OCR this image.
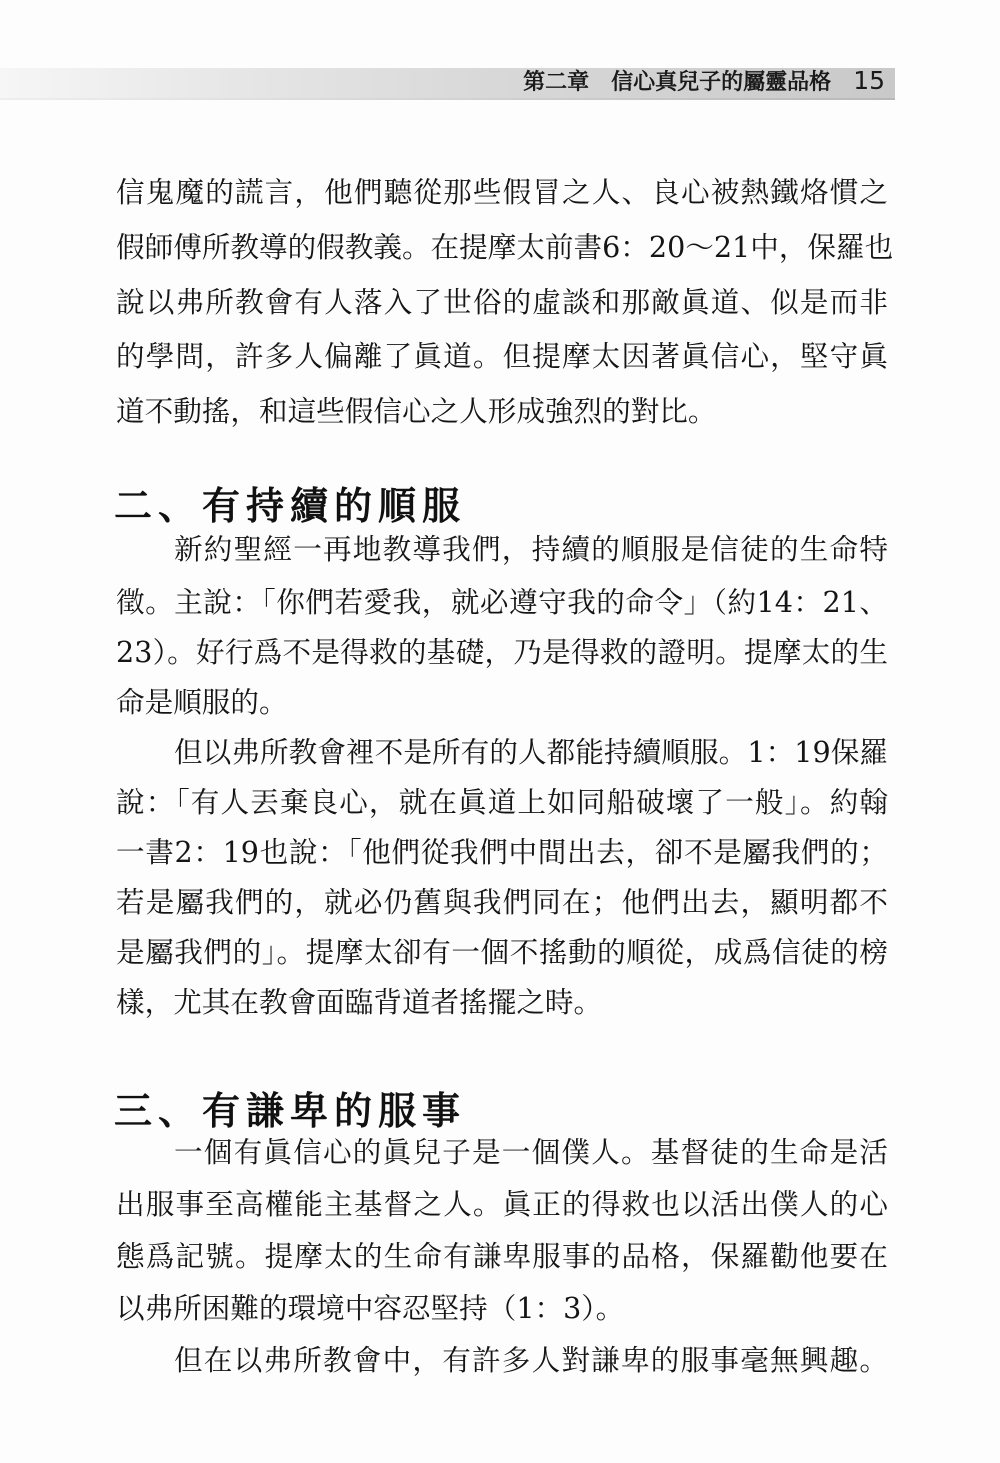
第二章　信心真兒子的屬靈品格 15
信鬼魔的謊言，他們聽從那些假冒之人、良心被熱鐵烙慣之
假師傅所教導的假教義。在提摩太前書6：20～21中，保羅也
說以弗所教會有人落入了世俗的虛談和那敵眞道、似是而非
的學問，許多人偏離了眞道。但提摩太因著眞信心，堅守眞
道不動搖，和這些假信心之人形成強烈的對比。
二、有持續的順服
新約聖經一再地教導我們，持續的順服是信徒的生命特
徵。主說：「你們若愛我，就必遵守我的命令」（約14：21、
23）。好行爲不是得救的基礎，乃是得救的證明。提摩太的生
命是順服的。
但以弗所教會裡不是所有的人都能持續順服。1：19保羅
說：「有人丟棄良心，就在眞道上如同船破壞了一般」。約翰
一書2：19也說：「他們從我們中間出去，卻不是屬我們的；
若是屬我們的，就必仍舊與我們同在；他們出去，顯明都不
是屬我們的」。提摩太卻有一個不搖動的順從，成爲信徒的榜
樣，尤其在教會面臨背道者搖擺之時。
三、有謙卑的服事
一個有眞信心的眞兒子是一個僕人。基督徒的生命是活
出服事至高權能主基督之人。眞正的得救也以活出僕人的心
態爲記號。提摩太的生命有謙卑服事的品格，保羅勸他要在
以弗所困難的環境中容忍堅持（1：3）。
但在以弗所教會中，有許多人對謙卑的服事毫無興趣。
